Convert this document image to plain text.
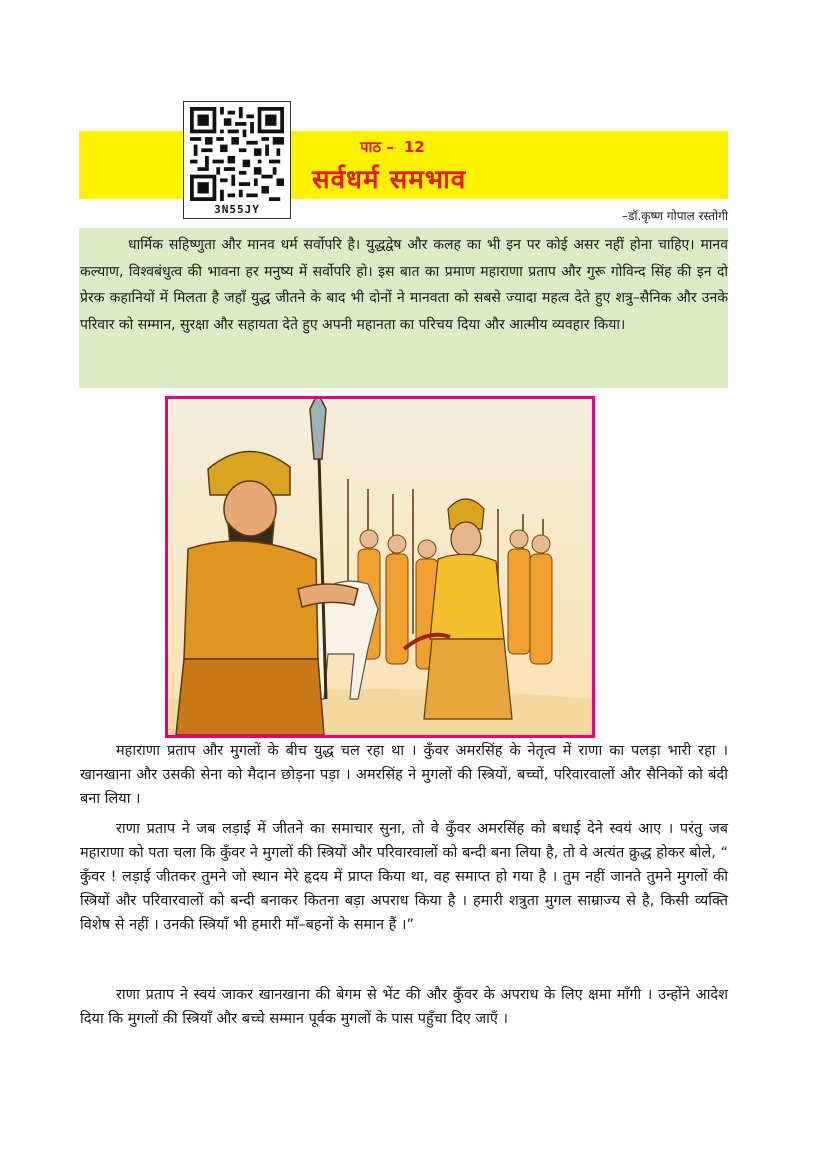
3N55JY
पाठ – 12
सर्वधर्म समभाव
–डॉ.कृष्ण गोपाल रस्तोगी

धार्मिक सहिष्णुता और मानव धर्म सर्वोपरि है। युद्धद्वेष और कलह का भी इन पर कोई असर नहीं होना चाहिए। मानव कल्याण, विश्वबंधुत्व की भावना हर मनुष्य में सर्वोपरि हो। इस बात का प्रमाण महाराणा प्रताप और गुरू गोविन्द सिंह की इन दो प्रेरक कहानियों में मिलता है जहाँ युद्ध जीतने के बाद भी दोनों ने मानवता को सबसे ज्यादा महत्व देते हुए शत्रु–सैनिक और उनके परिवार को सम्मान, सुरक्षा और सहायता देते हुए अपनी महानता का परिचय दिया और आत्मीय व्यवहार किया।

महाराणा प्रताप और मुगलों के बीच युद्ध चल रहा था । कुँवर अमरसिंह के नेतृत्व में राणा का पलड़ा भारी रहा । खानखाना और उसकी सेना को मैदान छोड़ना पड़ा । अमरसिंह ने मुगलों की स्त्रियों, बच्चों, परिवारवालों और सैनिकों को बंदी बना लिया ।

राणा प्रताप ने जब लड़ाई में जीतने का समाचार सुना, तो वे कुँवर अमरसिंह को बधाई देने स्वयं आए । परंतु जब महाराणा को पता चला कि कुँवर ने मुगलों की स्त्रियों और परिवारवालों को बन्दी बना लिया है, तो वे अत्यंत क्रुद्ध होकर बोले, “ कुँवर ! लड़ाई जीतकर तुमने जो स्थान मेरे हृदय में प्राप्त किया था, वह समाप्त हो गया है । तुम नहीं जानते तुमने मुगलों की स्त्रियों और परिवारवालों को बन्दी बनाकर कितना बड़ा अपराध किया है । हमारी शत्रुता मुगल साम्राज्य से है, किसी व्यक्ति विशेष से नहीं । उनकी स्त्रियाँ भी हमारी माँ–बहनों के समान हैं ।”

राणा प्रताप ने स्वयं जाकर खानखाना की बेगम से भेंट की और कुँवर के अपराध के लिए क्षमा माँगी । उन्होंने आदेश दिया कि मुगलों की स्त्रियाँ और बच्चे सम्मान पूर्वक मुगलों के पास पहुँचा दिए जाएँ ।
